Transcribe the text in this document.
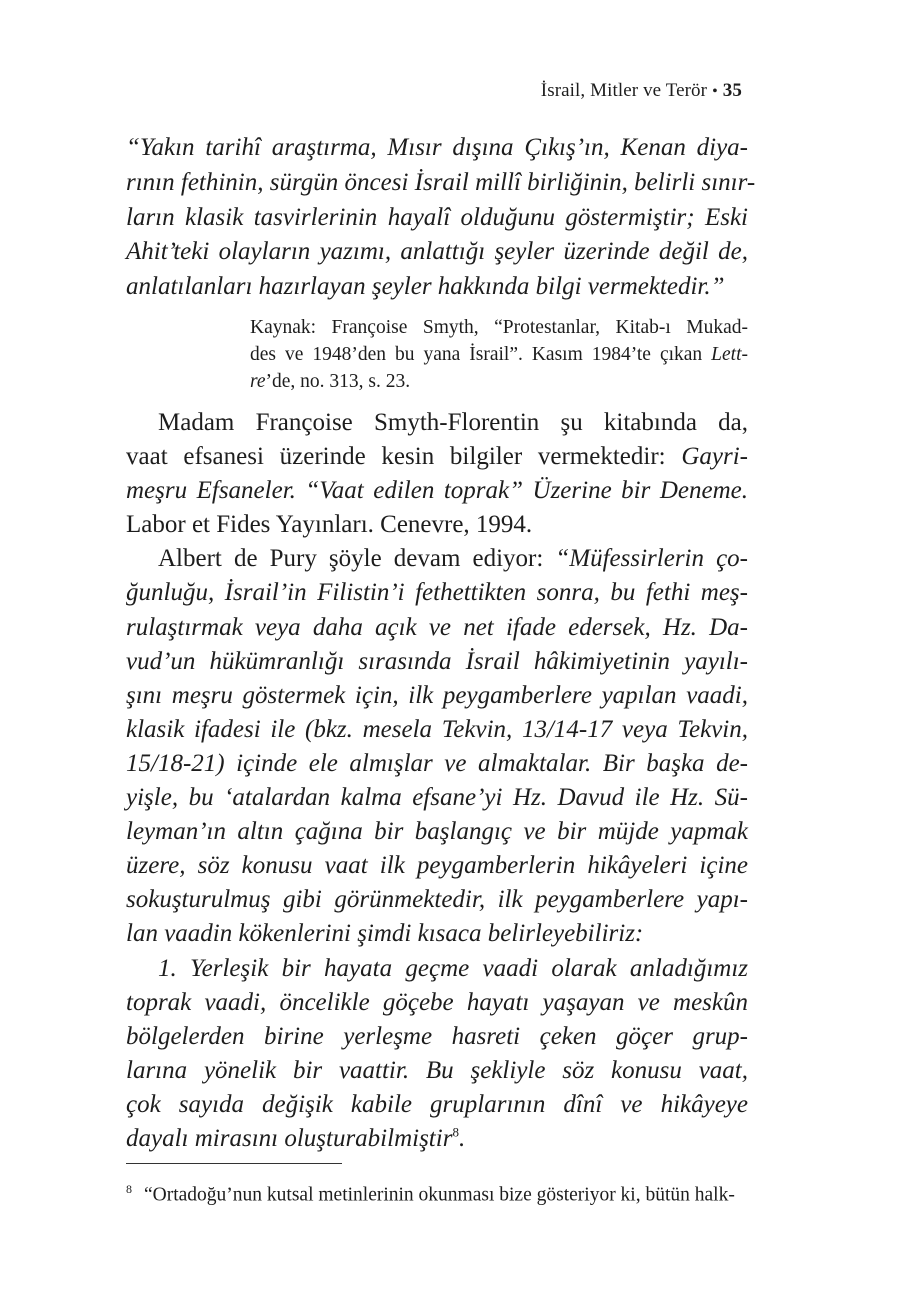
İsrail, Mitler ve Terör • 35
“Yakın tarihî araştırma, Mısır dışına Çıkış’ın, Kenan diya-
rının fethinin, sürgün öncesi İsrail millî birliğinin, belirli sınır-
ların klasik tasvirlerinin hayalî olduğunu göstermiştir; Eski
Ahit’teki olayların yazımı, anlattığı şeyler üzerinde değil de,
anlatılanları hazırlayan şeyler hakkında bilgi vermektedir.”
Kaynak: Françoise Smyth, “Protestanlar, Kitab-ı Mukad-
des ve 1948’den bu yana İsrail”. Kasım 1984’te çıkan Lett-
re’de, no. 313, s. 23.
Madam Françoise Smyth-Florentin şu kitabında da,
vaat efsanesi üzerinde kesin bilgiler vermektedir: Gayri-
meşru Efsaneler. “Vaat edilen toprak” Üzerine bir Deneme.
Labor et Fides Yayınları. Cenevre, 1994.
Albert de Pury şöyle devam ediyor: “Müfessirlerin ço-
ğunluğu, İsrail’in Filistin’i fethettikten sonra, bu fethi meş-
rulaştırmak veya daha açık ve net ifade edersek, Hz. Da-
vud’un hükümranlığı sırasında İsrail hâkimiyetinin yayılı-
şını meşru göstermek için, ilk peygamberlere yapılan vaadi,
klasik ifadesi ile (bkz. mesela Tekvin, 13/14-17 veya Tekvin,
15/18-21) içinde ele almışlar ve almaktalar. Bir başka de-
yişle, bu ‘atalardan kalma efsane’yi Hz. Davud ile Hz. Sü-
leyman’ın altın çağına bir başlangıç ve bir müjde yapmak
üzere, söz konusu vaat ilk peygamberlerin hikâyeleri içine
sokuşturulmuş gibi görünmektedir, ilk peygamberlere yapı-
lan vaadin kökenlerini şimdi kısaca belirleyebiliriz:
1. Yerleşik bir hayata geçme vaadi olarak anladığımız
toprak vaadi, öncelikle göçebe hayatı yaşayan ve meskûn
bölgelerden birine yerleşme hasreti çeken göçer grup-
larına yönelik bir vaattir. Bu şekliyle söz konusu vaat,
çok sayıda değişik kabile gruplarının dînî ve hikâyeye
dayalı mirasını oluşturabilmiştir$^8$.
$^8$ “Ortadoğu’nun kutsal metinlerinin okunması bize gösteriyor ki, bütün halk-
